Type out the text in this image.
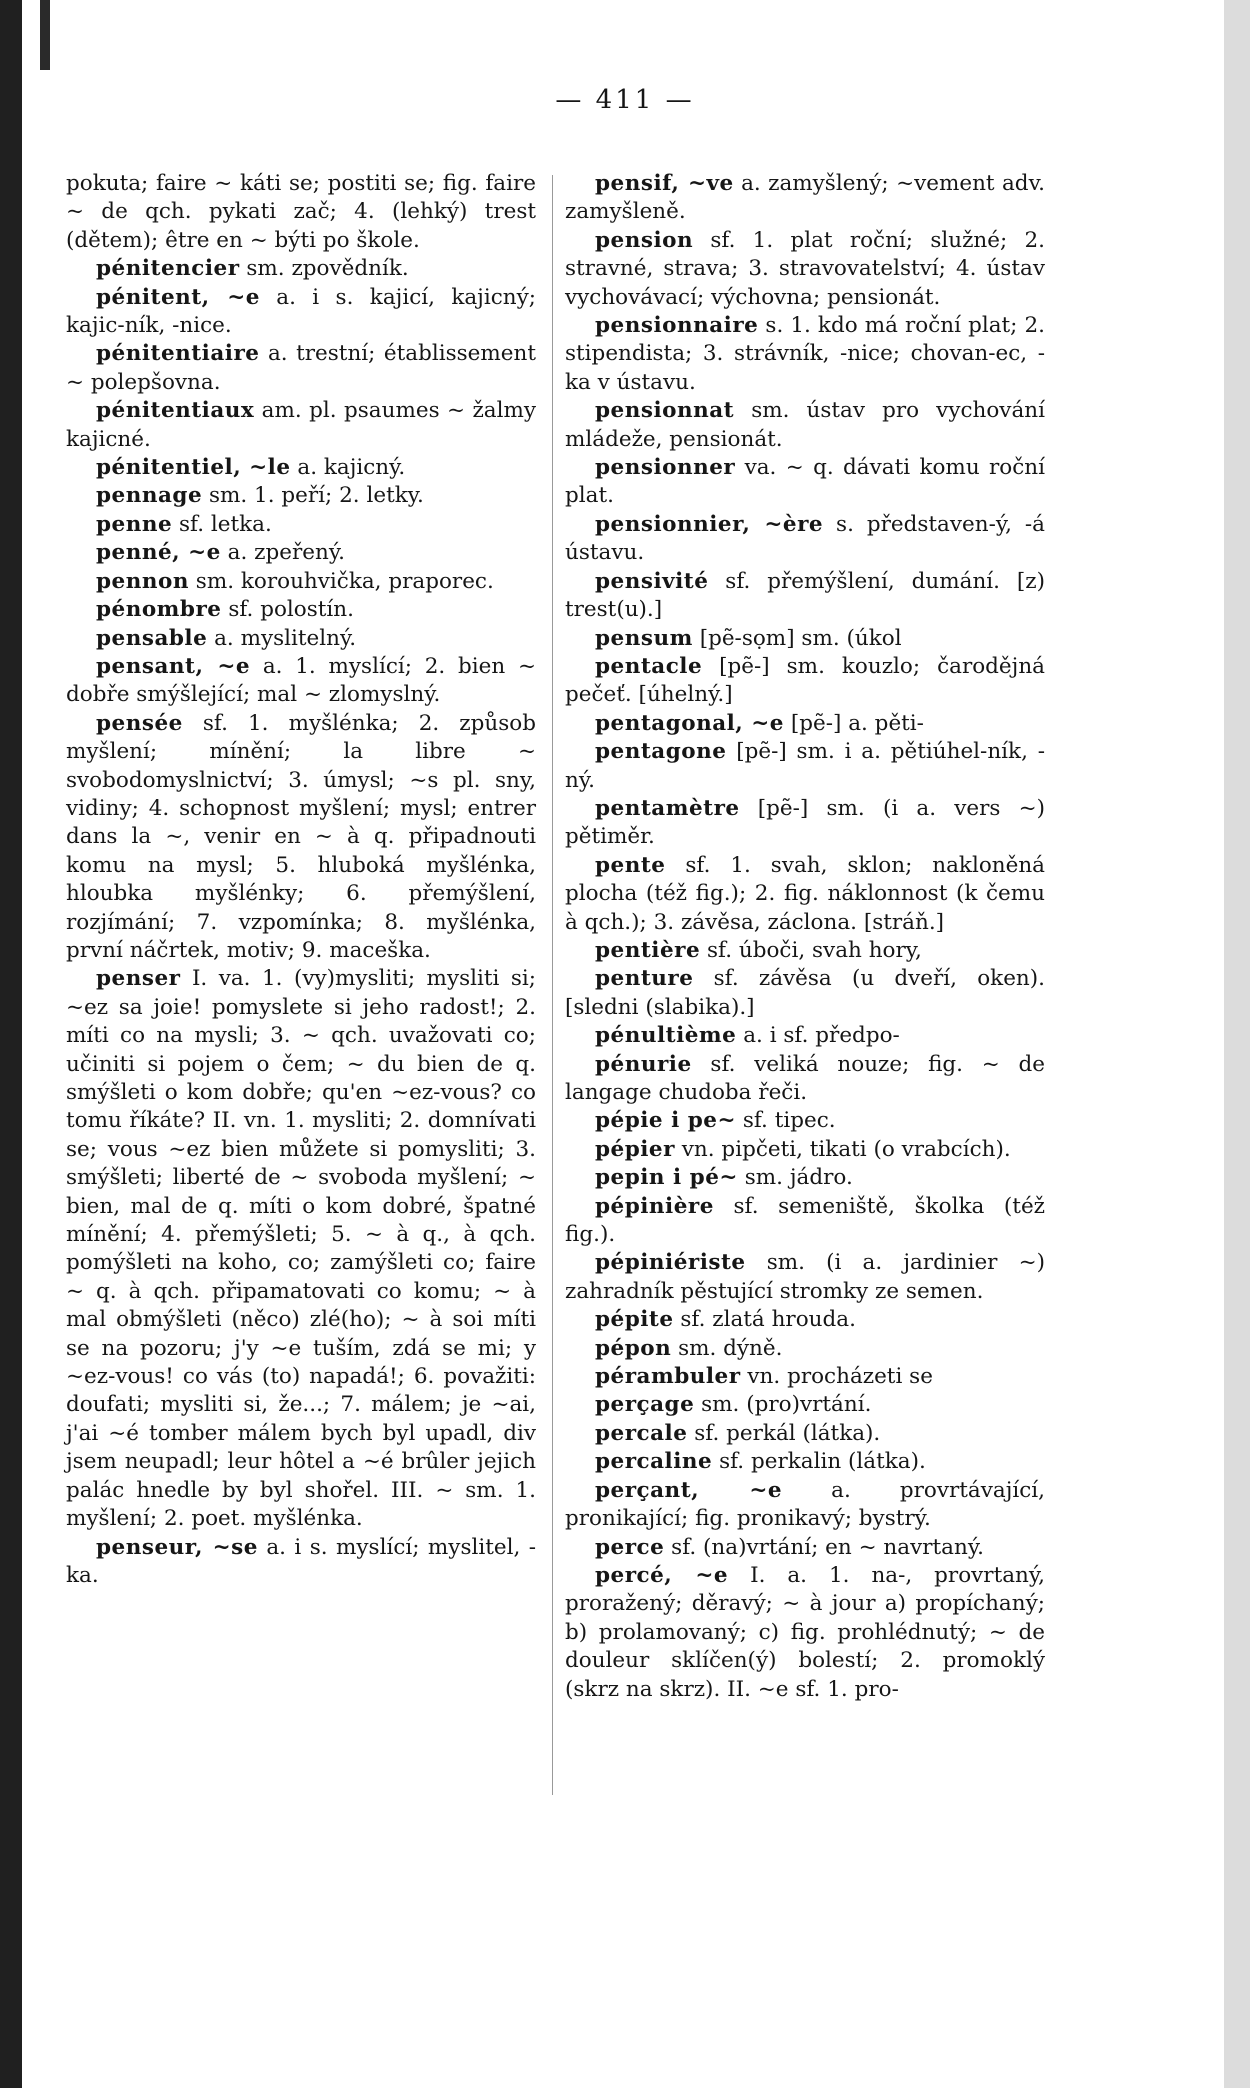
— 411 —
pokuta; faire ~ káti se; postiti se; fig. faire ~ de qch. pykati zač; 4. (lehký) trest (dětem); être en ~ býti po škole.
pénitencier sm. zpovědník.
pénitent, ~e a. i s. kajicí, kajicný; kajic-ník, -nice.
pénitentiaire a. trestní; établissement ~ polepšovna.
pénitentiaux am. pl. psaumes ~ žalmy kajicné.
pénitentiel, ~le a. kajicný.
pennage sm. 1. peří; 2. letky.
penne sf. letka.
penné, ~e a. zpeřený.
pennon sm. korouhvička, praporec.
pénombre sf. polostín.
pensable a. myslitelný.
pensant, ~e a. 1. myslící; 2. bien ~ dobře smýšlející; mal ~ zlomyslný.
pensée sf. 1. myšlénka; 2. způsob myšlení; mínění; la libre ~ svobodomyslnictví; 3. úmysl; ~s pl. sny, vidiny; 4. schopnost myšlení; mysl; entrer dans la ~, venir en ~ à q. připadnouti komu na mysl; 5. hluboká myšlénka, hloubka myšlénky; 6. přemýšlení, rozjímání; 7. vzpomínka; 8. myšlénka, první náčrtek, motiv; 9. maceška.
penser I. va. 1. (vy)mysliti; mysliti si; ~ez sa joie! pomyslete si jeho radost!; 2. míti co na mysli; 3. ~ qch. uvažovati co; učiniti si pojem o čem; ~ du bien de q. smýšleti o kom dobře; qu'en ~ez-vous? co tomu říkáte? II. vn. 1. mysliti; 2. domnívati se; vous ~ez bien můžete si pomysliti; 3. smýšleti; liberté de ~ svoboda myšlení; ~ bien, mal de q. míti o kom dobré, špatné mínění; 4. přemýšleti; 5. ~ à q., à qch. pomýšleti na koho, co; zamýšleti co; faire ~ q. à qch. připamatovati co komu; ~ à mal obmýšleti (něco) zlé(ho); ~ à soi míti se na pozoru; j'y ~e tuším, zdá se mi; y ~ez-vous! co vás (to) napadá!; 6. považiti: doufati; mysliti si, že...; 7. málem; je ~ai, j'ai ~é tomber málem bych byl upadl, div jsem neupadl; leur hôtel a ~é brûler jejich palác hnedle by byl shořel. III. ~ sm. 1. myšlení; 2. poet. myšlénka.
penseur, ~se a. i s. myslící; myslitel, -ka.
pensif, ~ve a. zamyšlený; ~vement adv. zamyšleně.
pension sf. 1. plat roční; služné; 2. stravné, strava; 3. stravovatelství; 4. ústav vychovávací; výchovna; pensionát.
pensionnaire s. 1. kdo má roční plat; 2. stipendista; 3. strávník, -nice; chovan-ec, -ka v ústavu.
pensionnat sm. ústav pro vychování mládeže, pensionát.
pensionner va. ~ q. dávati komu roční plat.
pensionnier, ~ère s. představen-ý, -á ústavu.
pensivité sf. přemýšlení, dumání. [z) trest(u).]
pensum [pẽ-sọm] sm. (úkol
pentacle [pẽ-] sm. kouzlo; čarodějná pečeť. [úhelný.]
pentagonal, ~e [pẽ-] a. pěti-
pentagone [pẽ-] sm. i a. pětiúhel-ník, -ný.
pentamètre [pẽ-] sm. (i a. vers ~) pětiměr.
pente sf. 1. svah, sklon; nakloněná plocha (též fig.); 2. fig. náklonnost (k čemu à qch.); 3. závěsa, záclona. [stráň.]
pentière sf. úboči, svah hory,
penture sf. závěsa (u dveří, oken). [sledni (slabika).]
pénultième a. i sf. předpo-
pénurie sf. veliká nouze; fig. ~ de langage chudoba řeči.
pépie i pe~ sf. tipec.
pépier vn. pipčeti, tikati (o vrabcích).
pepin i pé~ sm. jádro.
pépinière sf. semeniště, školka (též fig.).
pépiniériste sm. (i a. jardinier ~) zahradník pěstující stromky ze semen.
pépite sf. zlatá hrouda.
pépon sm. dýně.
pérambuler vn. procházeti se
perçage sm. (pro)vrtání.
percale sf. perkál (látka).
percaline sf. perkalin (látka).
perçant, ~e a. provrtávající, pronikající; fig. pronikavý; bystrý.
perce sf. (na)vrtání; en ~ navrtaný.
percé, ~e I. a. 1. na-, provrtaný, proražený; děravý; ~ à jour a) propíchaný; b) prolamovaný; c) fig. prohlédnutý; ~ de douleur sklíčen(ý) bolestí; 2. promoklý (skrz na skrz). II. ~e sf. 1. pro-
